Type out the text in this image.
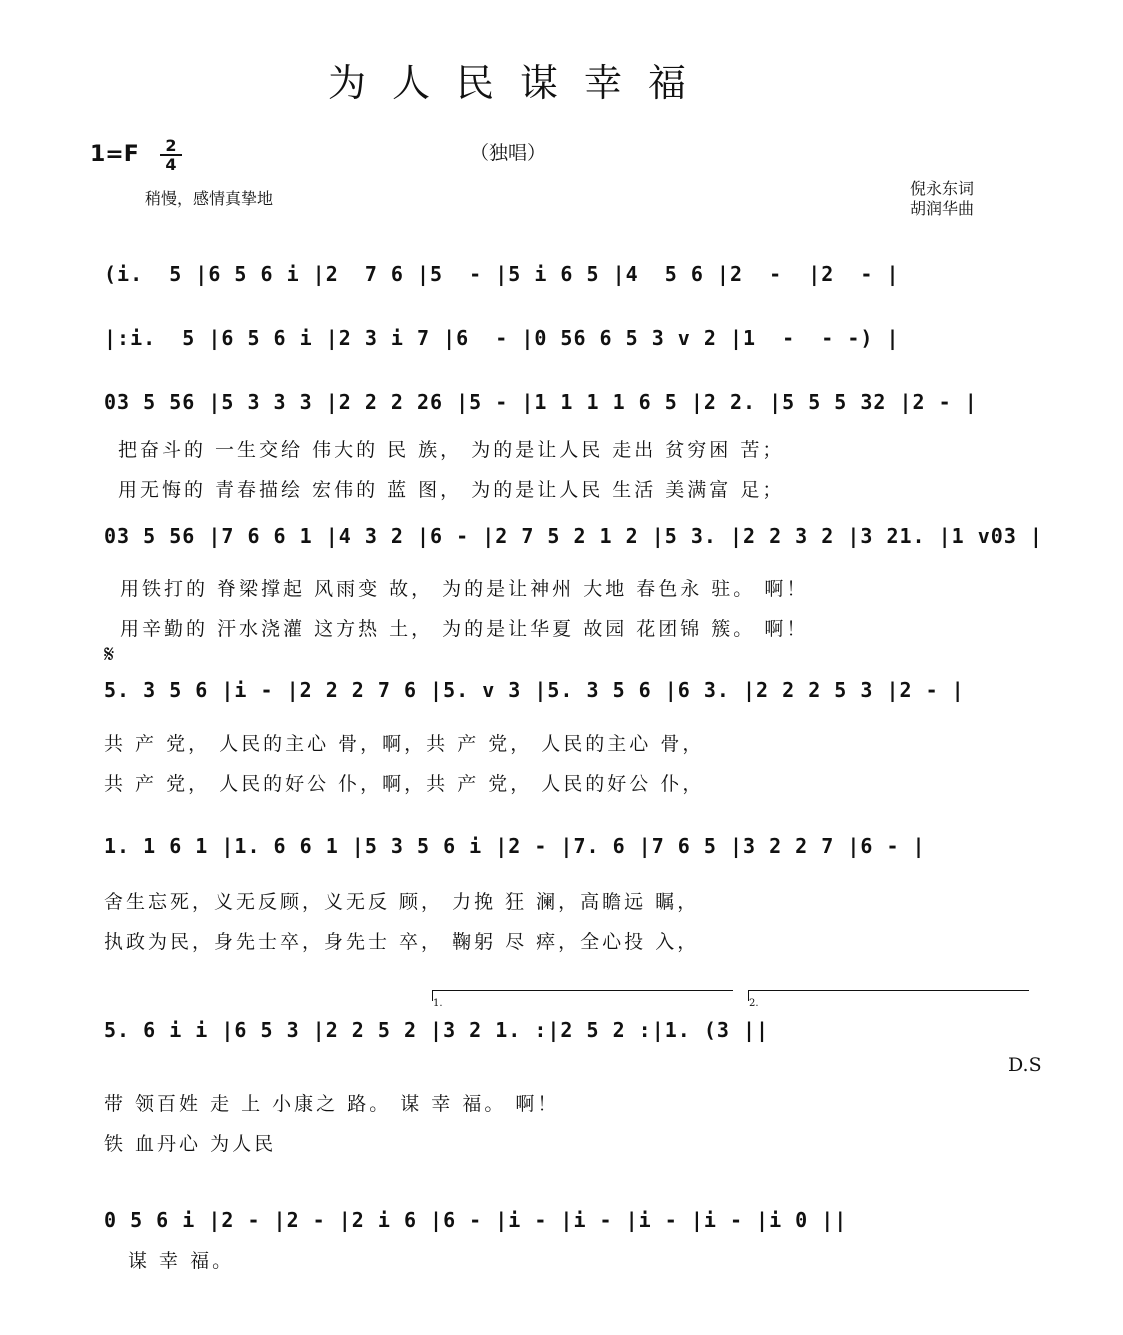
为人民谋幸福
1=F	2
4
（独唱）
稍慢，感情真挚地
倪永东词
胡润华曲
(i.  5 |6 5 6 i |2  7 6 |5  - |5 i 6 5 |4  5 6 |2  -  |2  - |
|:i.  5 |6 5 6 i |2 3 i 7 |6  - |0 56 6 5 3 v 2 |1  -  - -) |
03 5 56 |5 3 3 3 |2 2 2 26 |5 - |1 1 1 1 6 5 |2 2. |5 5 5 32 |2 - |
把奋斗的 一生交给 伟大的 民 族， 为的是让人民 走出 贫穷困 苦；
用无悔的 青春描绘 宏伟的 蓝 图， 为的是让人民 生活 美满富 足；
03 5 56 |7 6 6 1 |4 3 2 |6 - |2 7 5 2 1 2 |5 3. |2 2 3 2 |3 21. |1 v03 |
用铁打的 脊梁撑起 风雨变 故， 为的是让神州 大地 春色永 驻。 啊！
用辛勤的 汗水浇灌 这方热 土， 为的是让华夏 故园 花团锦 簇。 啊！
𝄋
5. 3 5 6 |i - |2 2 2 7 6 |5. v 3 |5. 3 5 6 |6 3. |2 2 2 5 3 |2 - |
共 产 党， 人民的主心 骨，啊，共 产 党， 人民的主心 骨，
共 产 党， 人民的好公 仆，啊，共 产 党， 人民的好公 仆，
1. 1 6 1 |1. 6 6 1 |5 3 5 6 i |2 - |7. 6 |7 6 5 |3 2 2 7 |6 - |
舍生忘死，义无反顾，义无反 顾， 力挽 狂 澜，高瞻远 瞩，
执政为民，身先士卒，身先士 卒， 鞠躬 尽 瘁，全心投 入，
1.	2.
5. 6 i i |6 5 3 |2 2 5 2 |3 2 1. :|2 5 2 :|1. (3 ||
D.S
带 领百姓 走 上 小康之 路。 谋 幸 福。 啊！
铁 血丹心 为人民
0 5 6 i |2 - |2 - |2 i 6 |6 - |i - |i - |i - |i - |i 0 ||
谋 幸 福。
